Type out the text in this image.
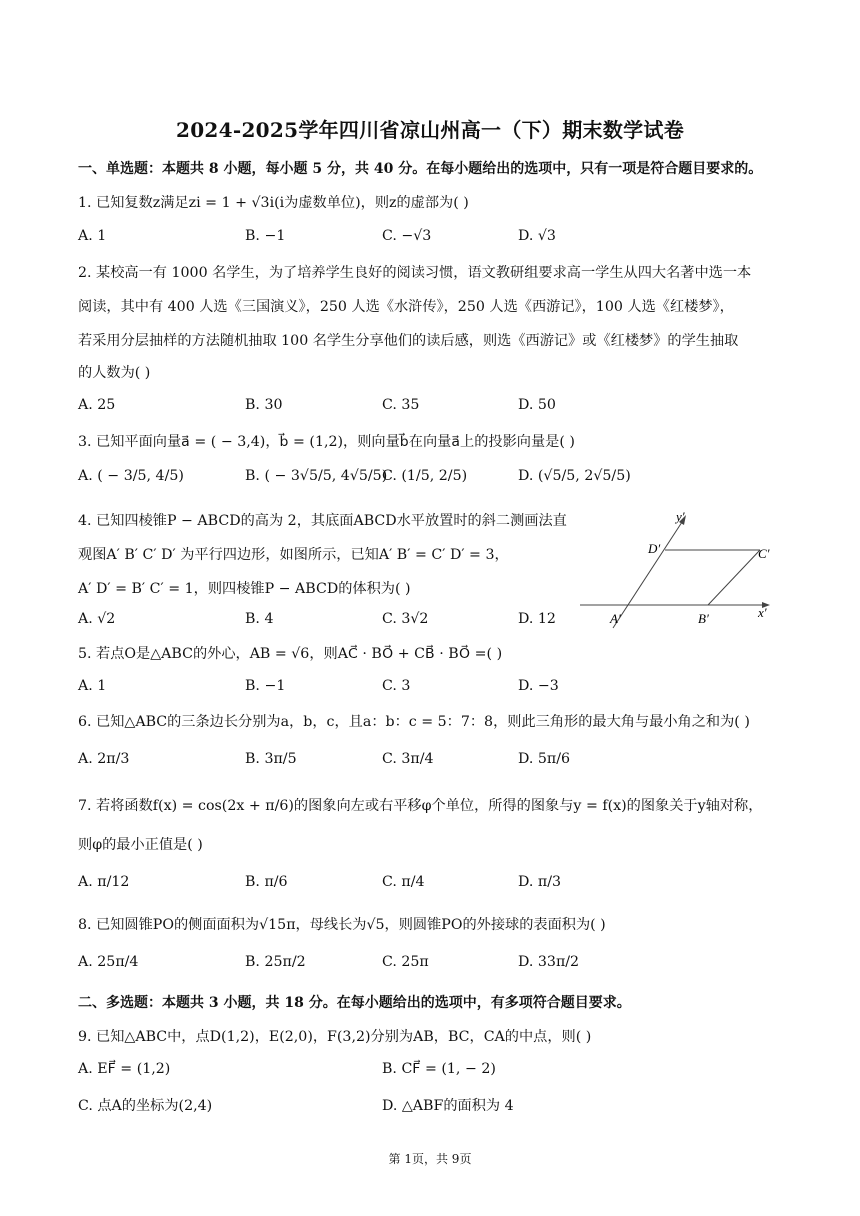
2024-2025学年四川省凉山州高一（下）期末数学试卷
一、单选题：本题共 8 小题，每小题 5 分，共 40 分。在每小题给出的选项中，只有一项是符合题目要求的。
1. 已知复数z满足zi = 1 + √3i(i为虚数单位)，则z的虚部为( )
A. 1	B. −1	C. −√3	D. √3
2. 某校高一有 1000 名学生，为了培养学生良好的阅读习惯，语文教研组要求高一学生从四大名著中选一本
阅读，其中有 400 人选《三国演义》，250 人选《水浒传》，250 人选《西游记》，100 人选《红楼梦》，
若采用分层抽样的方法随机抽取 100 名学生分享他们的读后感，则选《西游记》或《红楼梦》的学生抽取
的人数为( )
A. 25	B. 30	C. 35	D. 50
3. 已知平面向量a⃗ = ( − 3,4)，b⃗ = (1,2)，则向量b⃗在向量a⃗上的投影向量是( )
A. ( − 3/5, 4/5)	B. ( − 3√5/5, 4√5/5)
C. (1/5, 2/5)	D. (√5/5, 2√5/5)
4. 已知四棱锥P − ABCD的高为 2，其底面ABCD水平放置时的斜二测画法直
观图A′ B′ C′ D′ 为平行四边形，如图所示，已知A′ B′ = C′ D′ = 3，
A′ D′ = B′ C′ = 1，则四棱锥P − ABCD的体积为( )
A. √2	B. 4	C. 3√2	D. 12
y′
x′
A′	B′
C′
D′
5. 若点O是△ABC的外心，AB = √6，则AC⃗ · BO⃗ + CB⃗ · BO⃗ =( )
A. 1	B. −1	C. 3	D. −3
6. 已知△ABC的三条边长分别为a，b，c，且a：b：c = 5：7：8，则此三角形的最大角与最小角之和为( )
A. 2π/3	B. 3π/5	C. 3π/4	D. 5π/6
7. 若将函数f(x) = cos(2x + π/6)的图象向左或右平移φ个单位，所得的图象与y = f(x)的图象关于y轴对称，
则φ的最小正值是( )
A. π/12	B. π/6	C. π/4	D. π/3
8. 已知圆锥PO的侧面面积为√15π，母线长为√5，则圆锥PO的外接球的表面积为( )
A. 25π/4	B. 25π/2	C. 25π	D. 33π/2
二、多选题：本题共 3 小题，共 18 分。在每小题给出的选项中，有多项符合题目要求。
9. 已知△ABC中，点D(1,2)，E(2,0)，F(3,2)分别为AB，BC，CA的中点，则( )
A. EF⃗ = (1,2)	B. CF⃗ = (1, − 2)
C. 点A的坐标为(2,4)	D. △ABF的面积为 4
第 1页，共 9页
